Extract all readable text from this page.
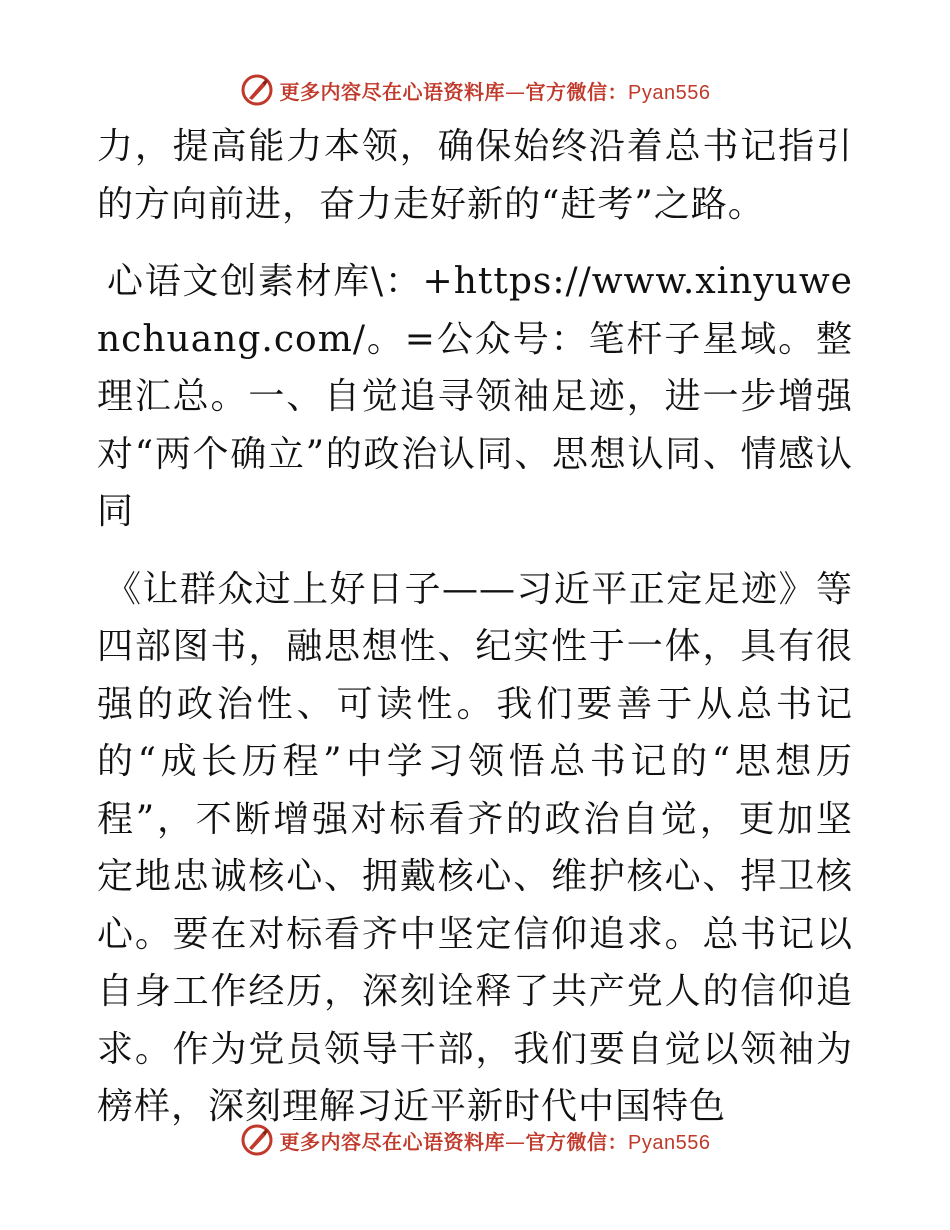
更多内容尽在心语资料库—官方微信：Pyan556

力，提高能力本领，确保始终沿着总书记指引的方向前进，奋力走好新的“赶考”之路。

心语文创素材库\：+https://www.xinyuwenchuang.com/。=公众号：笔杆子星域。整理汇总。一、自觉追寻领袖足迹，进一步增强对“两个确立”的政治认同、思想认同、情感认同

《让群众过上好日子——习近平正定足迹》等四部图书，融思想性、纪实性于一体，具有很强的政治性、可读性。我们要善于从总书记的“成长历程”中学习领悟总书记的“思想历程”，不断增强对标看齐的政治自觉，更加坚定地忠诚核心、拥戴核心、维护核心、捍卫核心。要在对标看齐中坚定信仰追求。总书记以自身工作经历，深刻诠释了共产党人的信仰追求。作为党员领导干部，我们要自觉以领袖为榜样，深刻理解习近平新时代中国特色

更多内容尽在心语资料库—官方微信：Pyan556
